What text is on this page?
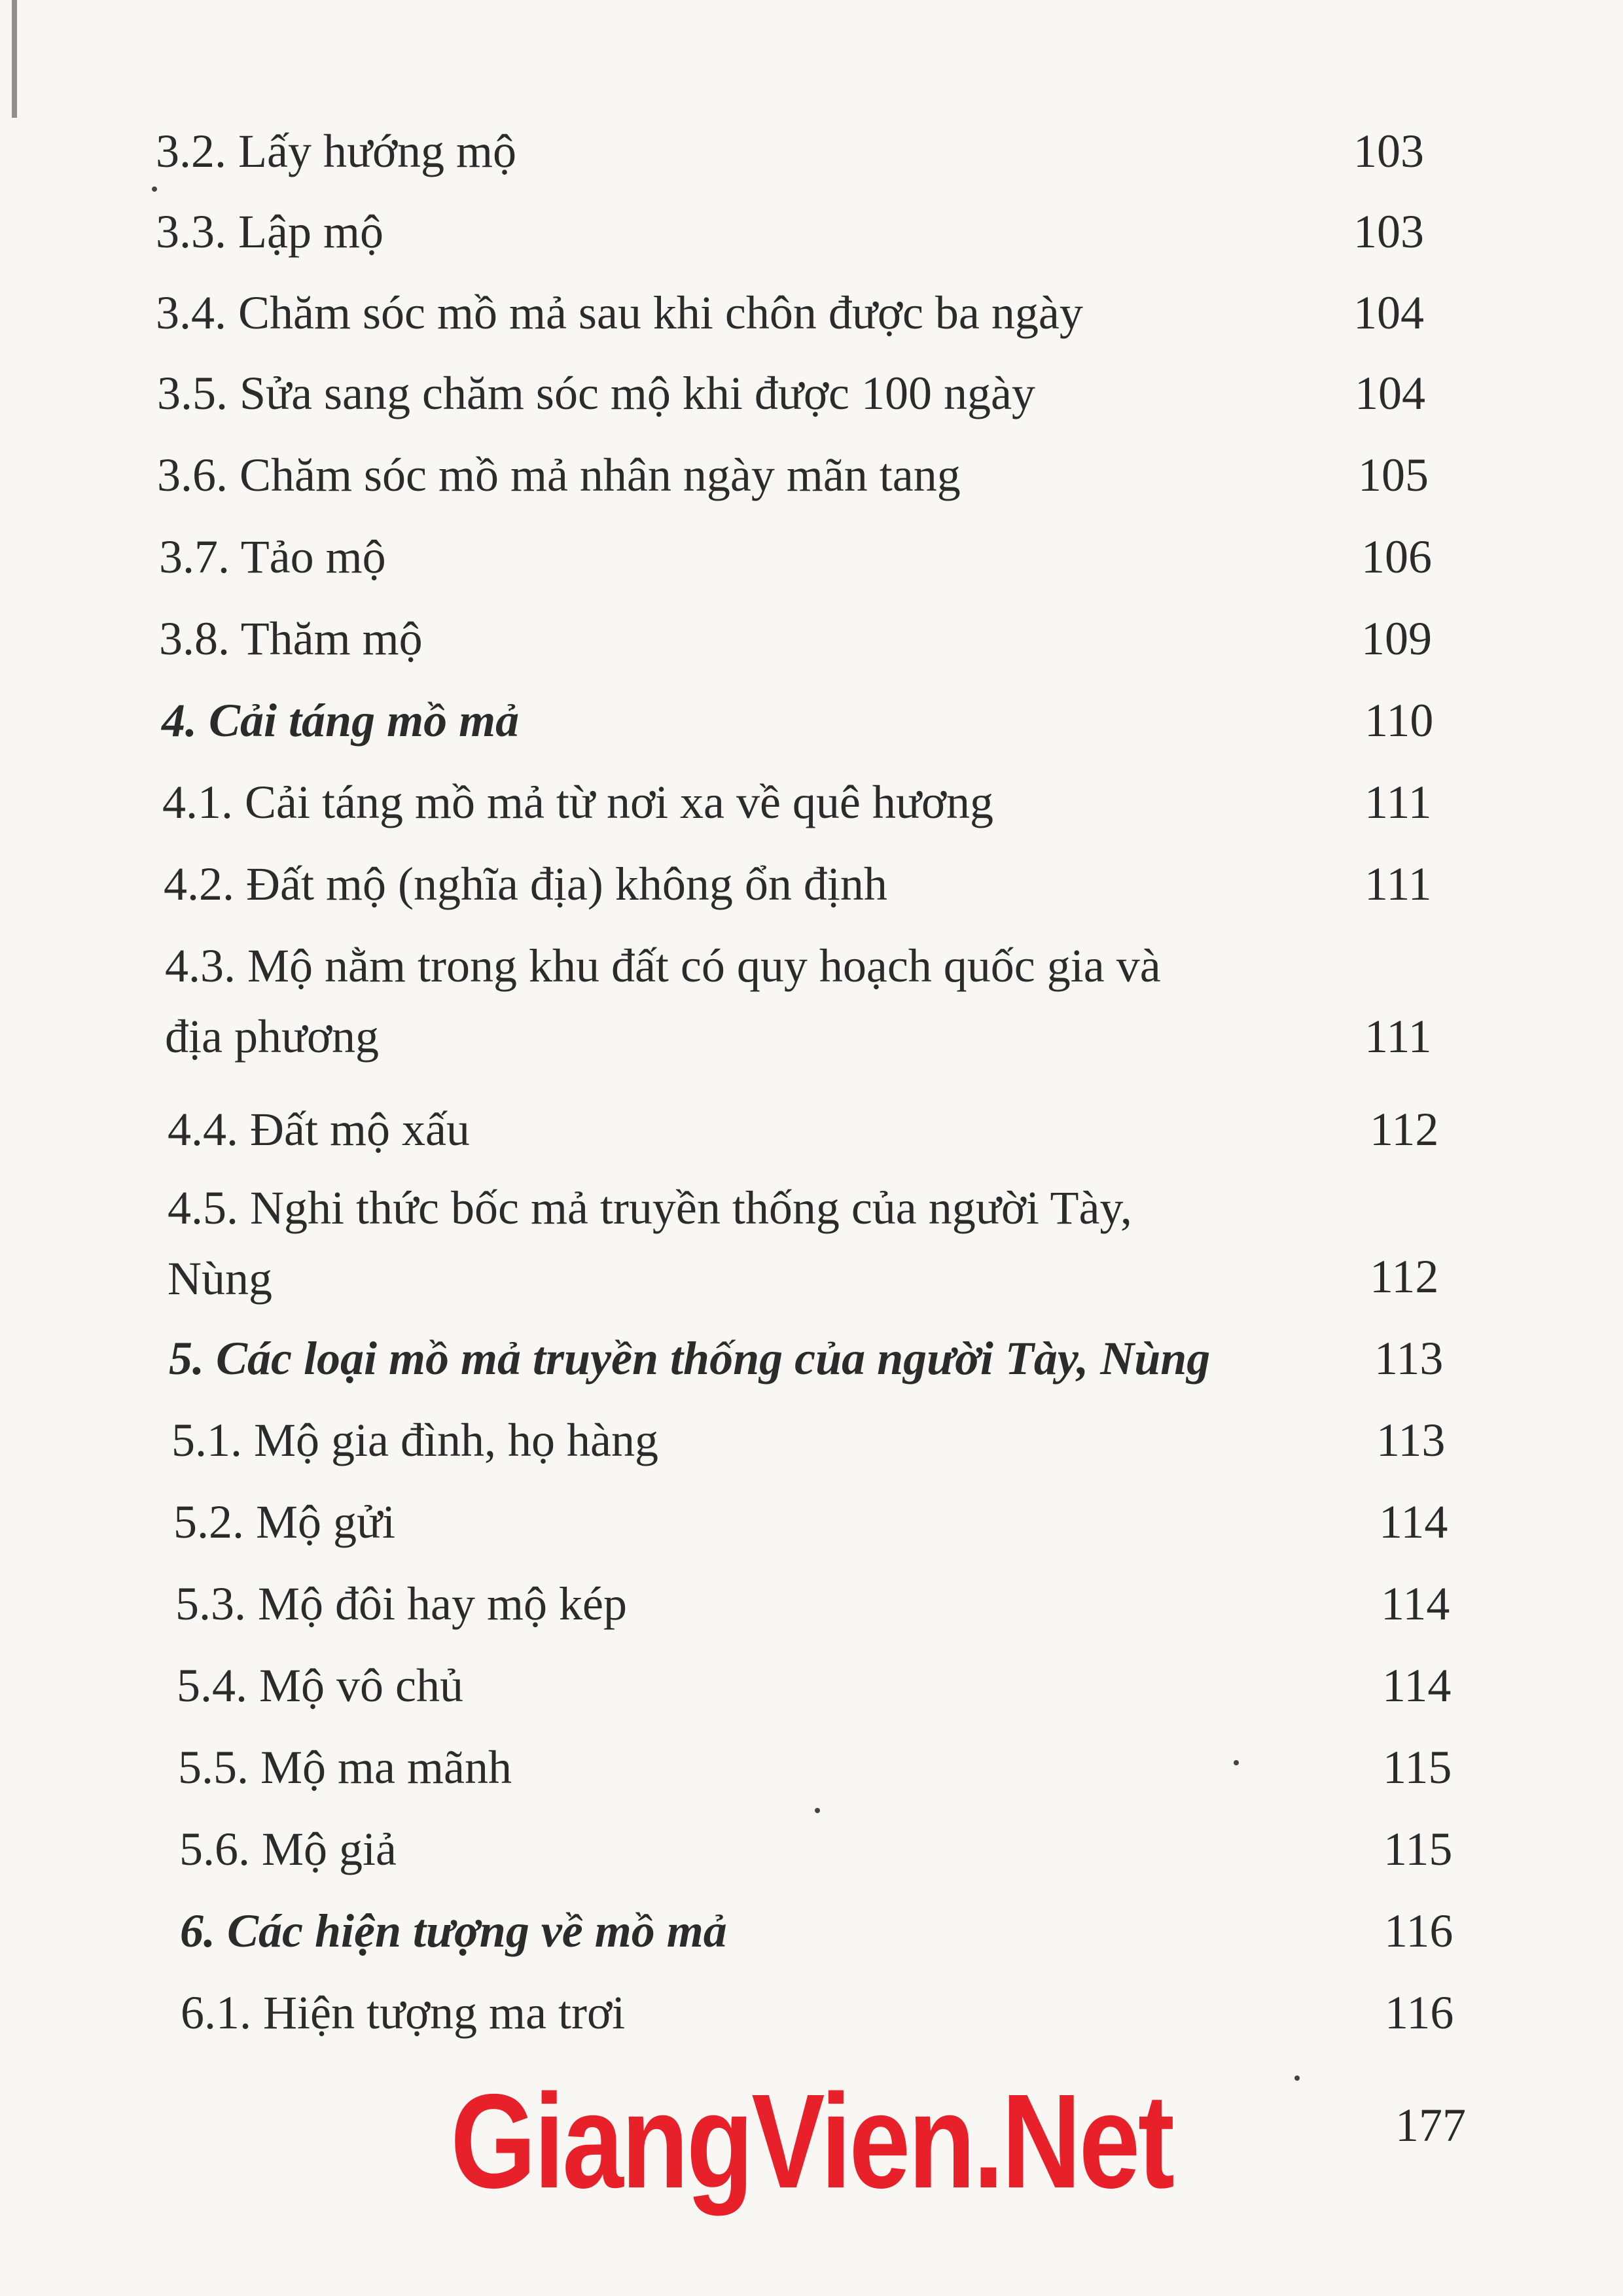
3.2. Lấy hướng mộ	103
3.3. Lập mộ	103
3.4. Chăm sóc mồ mả sau khi chôn được ba ngày	104
3.5. Sửa sang chăm sóc mộ khi được 100 ngày	104
3.6. Chăm sóc mồ mả nhân ngày mãn tang	105
3.7. Tảo mộ	106
3.8. Thăm mộ	109
4. Cải táng mồ mả	110
4.1. Cải táng mồ mả từ nơi xa về quê hương	111
4.2. Đất mộ (nghĩa địa) không ổn định	111
4.3. Mộ nằm trong khu đất có quy hoạch quốc gia và
địa phương	111
4.4. Đất mộ xấu	112
4.5. Nghi thức bốc mả truyền thống của người Tày,
Nùng	112
5. Các loại mồ mả truyền thống của người Tày, Nùng	113
5.1. Mộ gia đình, họ hàng	113
5.2. Mộ gửi	114
5.3. Mộ đôi hay mộ kép	114
5.4. Mộ vô chủ	114
5.5. Mộ ma mãnh	115
5.6. Mộ giả	115
6. Các hiện tượng về mồ mả	116
6.1. Hiện tượng ma trơi	116
177
GiangVien.Net
